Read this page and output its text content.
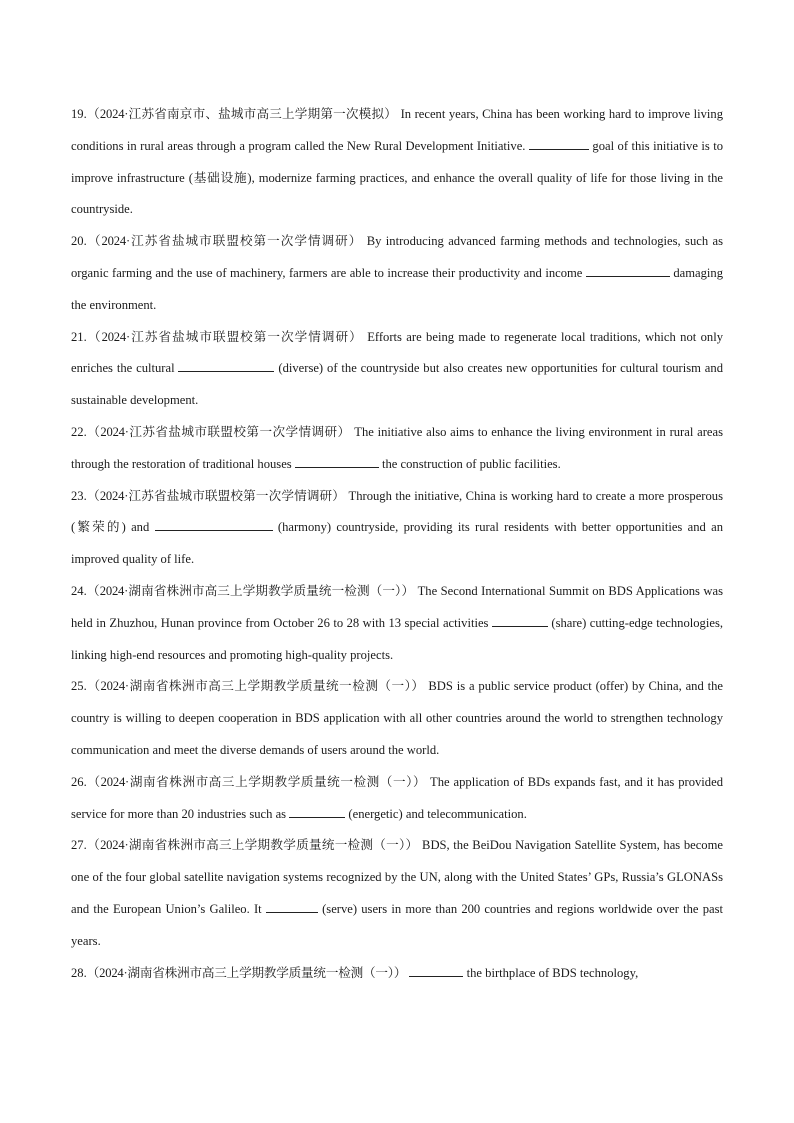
19.（2024·江苏省南京市、盐城市高三上学期第一次模拟） In recent years, China has been working hard to improve living conditions in rural areas through a program called the New Rural Development Initiative.	goal of this initiative is to improve infrastructure (基础设施), modernize farming practices, and enhance the overall quality of life for those living in the countryside.

20.（2024·江苏省盐城市联盟校第一次学情调研） By introducing advanced farming methods and technologies, such as organic farming and the use of machinery, farmers are able to increase their productivity and income	damaging the environment.

21.（2024·江苏省盐城市联盟校第一次学情调研） Efforts are being made to regenerate local traditions, which not only enriches the cultural	(diverse) of the countryside but also creates new opportunities for cultural tourism and sustainable development.

22.（2024·江苏省盐城市联盟校第一次学情调研） The initiative also aims to enhance the living environment in rural areas through the restoration of traditional houses	the construction of public facilities.

23.（2024·江苏省盐城市联盟校第一次学情调研） Through the initiative, China is working hard to create a more prosperous (繁荣的) and	(harmony) countryside, providing its rural residents with better opportunities and an improved quality of life.

24.（2024·湖南省株洲市高三上学期教学质量统一检测（一）） The Second International Summit on BDS Applications was held in Zhuzhou, Hunan province from October 26 to 28 with 13 special activities	(share) cutting-edge technologies, linking high-end resources and promoting high-quality projects.

25.（2024·湖南省株洲市高三上学期教学质量统一检测（一）） BDS is a public service product (offer) by China, and the country is willing to deepen cooperation in BDS application with all other countries around the world to strengthen technology communication and meet the diverse demands of users around the world.

26.（2024·湖南省株洲市高三上学期教学质量统一检测（一）） The application of BDs expands fast, and it has provided service for more than 20 industries such as	(energetic) and telecommunication.

27.（2024·湖南省株洲市高三上学期教学质量统一检测（一）） BDS, the BeiDou Navigation Satellite System, has become one of the four global satellite navigation systems recognized by the UN, along with the United States’ GPs, Russia’s GLONASs and the European Union’s Galileo. It	(serve) users in more than 200 countries and regions worldwide over the past years.

28.（2024·湖南省株洲市高三上学期教学质量统一检测（一））	the birthplace of BDS technology,
